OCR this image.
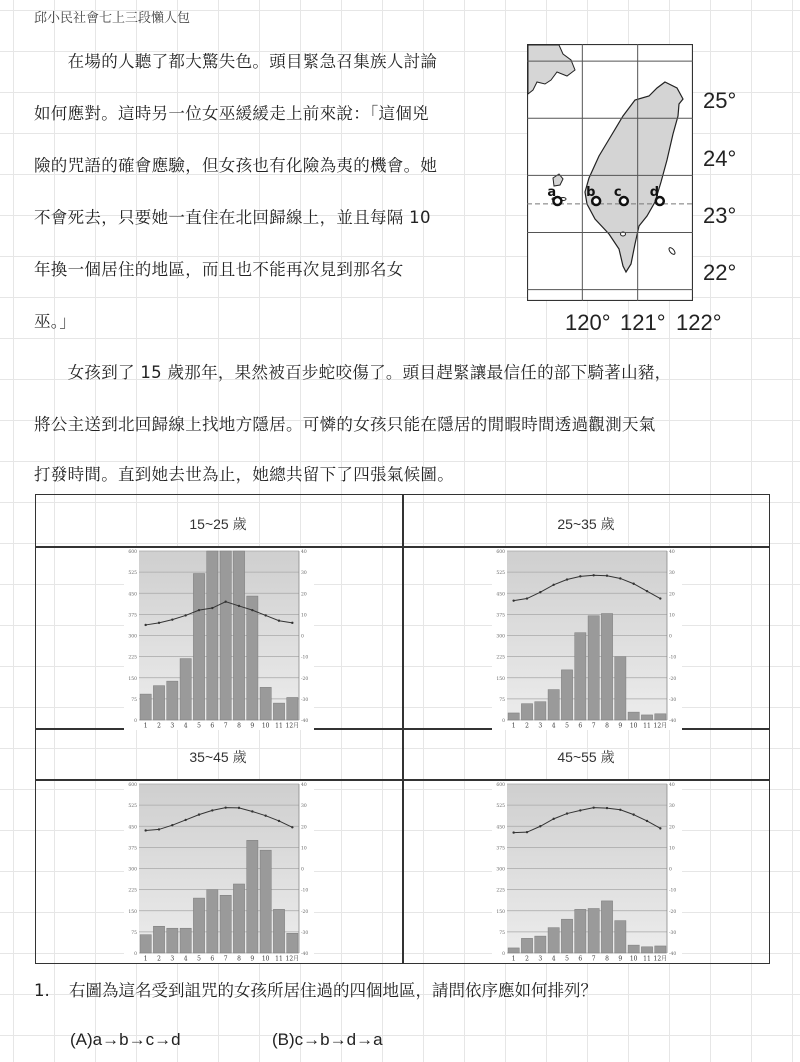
邱小民社會七上三段懶人包
　　在場的人聽了都大驚失色。頭目緊急召集族人討論
如何應對。這時另一位女巫緩緩走上前來說：「這個兇
險的咒語的確會應驗，但女孩也有化險為夷的機會。她
不會死去，只要她一直住在北回歸線上，並且每隔 10
年換一個居住的地區，而且也不能再次見到那名女
巫。」
a b c d
25°
24°
23°
22°
120° 121° 122°
　　女孩到了 15 歲那年，果然被百步蛇咬傷了。頭目趕緊讓最信任的部下騎著山豬，
將公主送到北回歸線上找地方隱居。可憐的女孩只能在隱居的閒暇時間透過觀測天氣
打發時間。直到她去世為止，她總共留下了四張氣候圖。
15~25 歲	25~35 歲
35~45 歲	45~55 歲
0
75
150
225
300
375
450
525
600
-40
-30
-20
-10
0
10
20
30
40
1 2 3 4 5 6 7 8 9 10 11 12月
0
75
150
225
300
375
450
525
600
-40
-30
-20
-10
0
10
20
30
40
1 2 3 4 5 6 7 8 9 10 11 12月
0
75
150
225
300
375
450
525
600
-40
-30
-20
-10
0
10
20
30
40
1 2 3 4 5 6 7 8 9 10 11 12月
0
75
150
225
300
375
450
525
600
-40
-30
-20
-10
0
10
20
30
40
1 2 3 4 5 6 7 8 9 10 11 12月
1. 右圖為這名受到詛咒的女孩所居住過的四個地區，請問依序應如何排列？
(A)a→b→c→d	(B)c→b→d→a
